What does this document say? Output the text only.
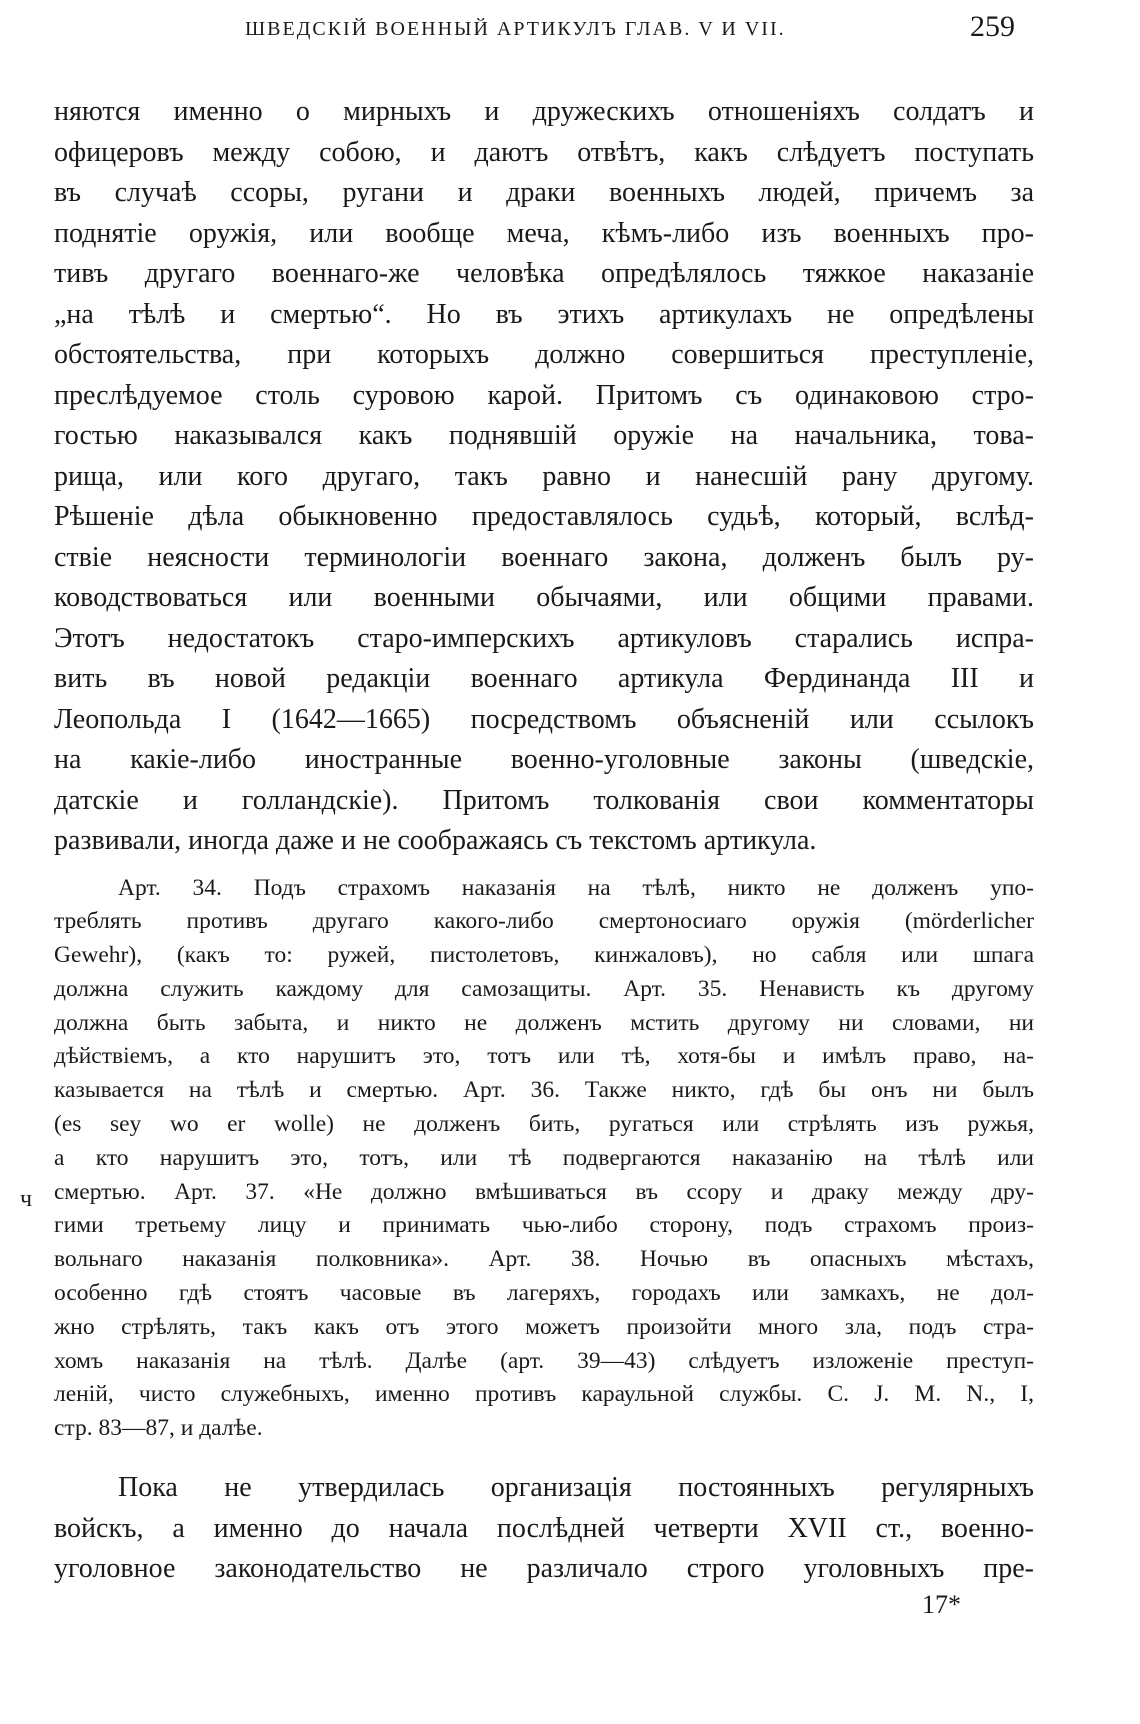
ШВЕДСКІЙ ВОЕННЫЙ АРТИКУЛЪ ГЛАВ. V И VII.	259
няются именно о мирныхъ и дружескихъ отношеніяхъ солдатъ и
офицеровъ между собою, и даютъ отвѣтъ, какъ слѣдуетъ поступать
въ случаѣ ссоры, ругани и драки военныхъ людей, причемъ за
поднятіе оружія, или вообще меча, кѣмъ-либо изъ военныхъ про-
тивъ другаго военнаго-же человѣка опредѣлялось тяжкое наказаніе
„на тѣлѣ и смертью“. Но въ этихъ артикулахъ не опредѣлены
обстоятельства, при которыхъ должно совершиться преступленіе,
преслѣдуемое столь суровою карой. Притомъ съ одинаковою стро-
гостью наказывался какъ поднявшій оружіе на начальника, това-
рища, или кого другаго, такъ равно и нанесшій рану другому.
Рѣшеніе дѣла обыкновенно предоставлялось судьѣ, который, вслѣд-
ствіе неясности терминологіи военнаго закона, долженъ былъ ру-
ководствоваться или военными обычаями, или общими правами.
Этотъ недостатокъ старо-имперскихъ артикуловъ старались испра-
вить въ новой редакціи военнаго артикула Фердинанда III и
Леопольда I (1642—1665) посредствомъ объясненій или ссылокъ
на какіе-либо иностранные военно-уголовные законы (шведскіе,
датскіе и голландскіе). Притомъ толкованія свои комментаторы
развивали, иногда даже и не соображаясь съ текстомъ артикула.
Арт. 34. Подъ страхомъ наказанія на тѣлѣ, никто не долженъ упо-
треблять противъ другаго какого-либо смертоносиаго оружія (mörderlicher
Gewehr), (какъ то: ружей, пистолетовъ, кинжаловъ), но сабля или шпага
должна служить каждому для самозащиты. Арт. 35. Ненависть къ другому
должна быть забыта, и никто не долженъ мстить другому ни словами, ни
дѣйствіемъ, а кто нарушитъ это, тотъ или тѣ, хотя-бы и имѣлъ право, на-
казывается на тѣлѣ и смертью. Арт. 36. Также никто, гдѣ бы онъ ни былъ
(es sey wo er wolle) не долженъ бить, ругаться или стрѣлять изъ ружья,
а кто нарушитъ это, тотъ, или тѣ подвергаются наказанію на тѣлѣ или
смертью. Арт. 37. «Не должно вмѣшиваться въ ссору и драку между дру-
гими третьему лицу и принимать чью-либо сторону, подъ страхомъ произ-
вольнаго наказанія полковника». Арт. 38. Ночью въ опасныхъ мѣстахъ,
особенно гдѣ стоятъ часовые въ лагеряхъ, городахъ или замкахъ, не дол-
жно стрѣлять, такъ какъ отъ этого можетъ произойти много зла, подъ стра-
хомъ наказанія на тѣлѣ. Далѣе (арт. 39—43) слѣдуетъ изложеніе преступ-
леній, чисто служебныхъ, именно противъ караульной службы. C. J. M. N., I,
стр. 83—87, и далѣе.
Пока не утвердилась организація постоянныхъ регулярныхъ
войскъ, а именно до начала послѣдней четверти XVII ст., военно-
уголовное законодательство не различало строго уголовныхъ пре-
17*
ч
